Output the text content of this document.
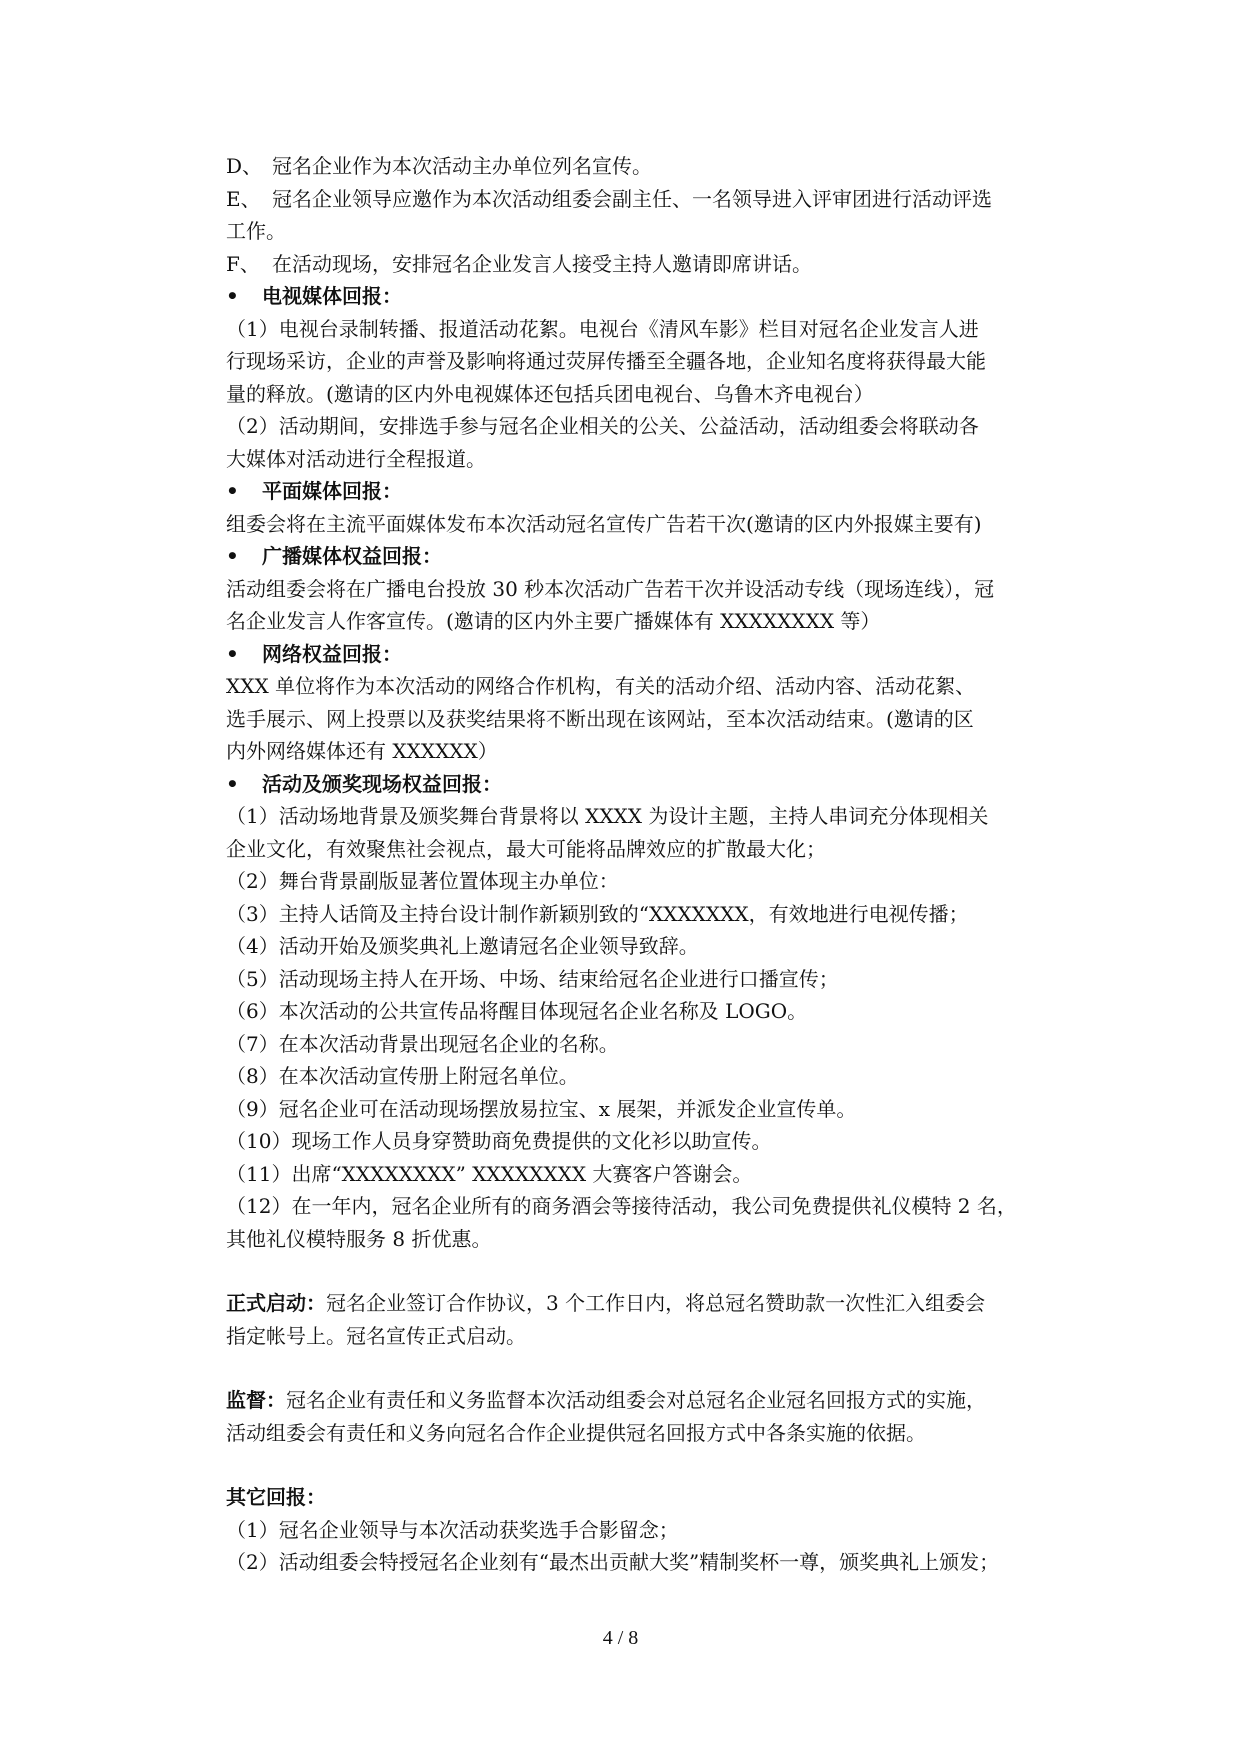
D、 冠名企业作为本次活动主办单位列名宣传。
E、 冠名企业领导应邀作为本次活动组委会副主任、一名领导进入评审团进行活动评选
工作。
F、 在活动现场，安排冠名企业发言人接受主持人邀请即席讲话。
• 电视媒体回报：
（1）电视台录制转播、报道活动花絮。电视台《清风车影》栏目对冠名企业发言人进
行现场采访，企业的声誉及影响将通过荧屏传播至全疆各地，企业知名度将获得最大能
量的释放。(邀请的区内外电视媒体还包括兵团电视台、乌鲁木齐电视台）
（2）活动期间，安排选手参与冠名企业相关的公关、公益活动，活动组委会将联动各
大媒体对活动进行全程报道。
• 平面媒体回报：
组委会将在主流平面媒体发布本次活动冠名宣传广告若干次(邀请的区内外报媒主要有)
• 广播媒体权益回报：
活动组委会将在广播电台投放 30 秒本次活动广告若干次并设活动专线（现场连线），冠
名企业发言人作客宣传。(邀请的区内外主要广播媒体有 XXXXXXXX 等）
• 网络权益回报：
XXX 单位将作为本次活动的网络合作机构，有关的活动介绍、活动内容、活动花絮、
选手展示、网上投票以及获奖结果将不断出现在该网站，至本次活动结束。(邀请的区
内外网络媒体还有 XXXXXX）
• 活动及颁奖现场权益回报：
（1）活动场地背景及颁奖舞台背景将以 XXXX 为设计主题，主持人串词充分体现相关
企业文化，有效聚焦社会视点，最大可能将品牌效应的扩散最大化；
（2）舞台背景副版显著位置体现主办单位：
（3）主持人话筒及主持台设计制作新颖别致的“XXXXXXX，有效地进行电视传播；
（4）活动开始及颁奖典礼上邀请冠名企业领导致辞。
（5）活动现场主持人在开场、中场、结束给冠名企业进行口播宣传；
（6）本次活动的公共宣传品将醒目体现冠名企业名称及 LOGO。
（7）在本次活动背景出现冠名企业的名称。
（8）在本次活动宣传册上附冠名单位。
（9）冠名企业可在活动现场摆放易拉宝、x 展架，并派发企业宣传单。
（10）现场工作人员身穿赞助商免费提供的文化衫以助宣传。
（11）出席“XXXXXXXX” XXXXXXXX 大赛客户答谢会。
（12）在一年内，冠名企业所有的商务酒会等接待活动，我公司免费提供礼仪模特 2 名，
其他礼仪模特服务 8 折优惠。
正式启动：冠名企业签订合作协议，3 个工作日内，将总冠名赞助款一次性汇入组委会
指定帐号上。冠名宣传正式启动。
监督：冠名企业有责任和义务监督本次活动组委会对总冠名企业冠名回报方式的实施，
活动组委会有责任和义务向冠名合作企业提供冠名回报方式中各条实施的依据。
其它回报：
（1）冠名企业领导与本次活动获奖选手合影留念；
（2）活动组委会特授冠名企业刻有“最杰出贡献大奖”精制奖杯一尊，颁奖典礼上颁发；
4 / 8
